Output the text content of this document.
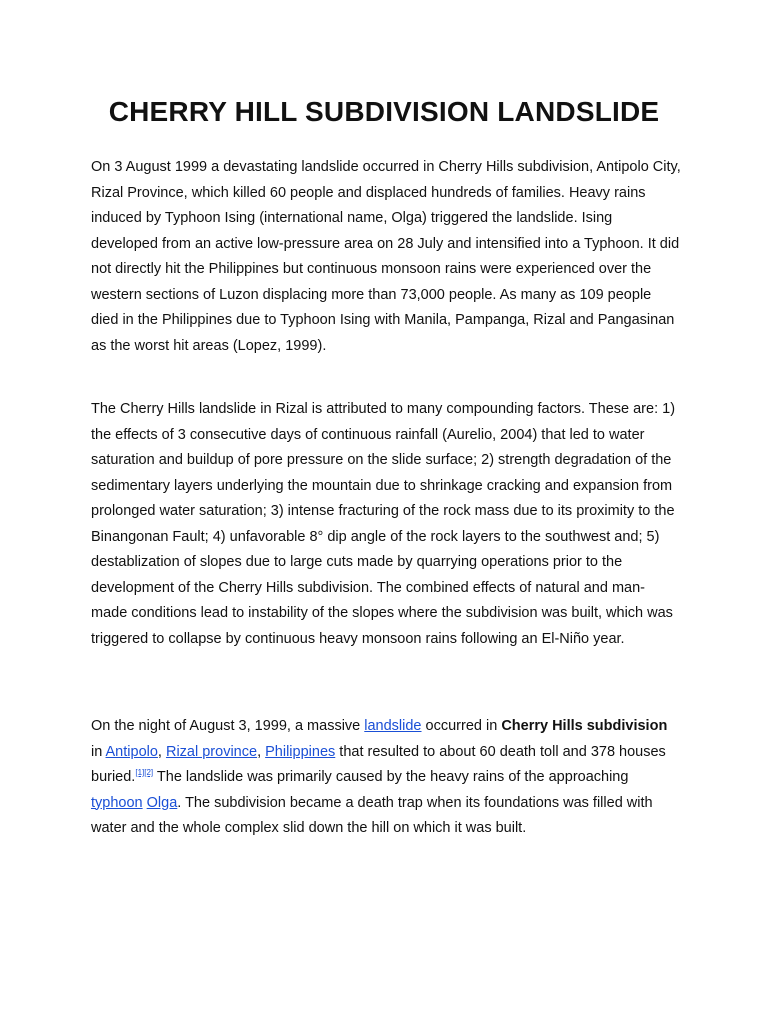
CHERRY HILL SUBDIVISION LANDSLIDE

On 3 August 1999 a devastating landslide occurred in Cherry Hills subdivision, Antipolo City, Rizal Province, which killed 60 people and displaced hundreds of families. Heavy rains induced by Typhoon Ising (international name, Olga) triggered the landslide. Ising developed from an active low-pressure area on 28 July and intensified into a Typhoon. It did not directly hit the Philippines but continuous monsoon rains were experienced over the western sections of Luzon displacing more than 73,000 people. As many as 109 people died in the Philippines due to Typhoon Ising with Manila, Pampanga, Rizal and Pangasinan as the worst hit areas (Lopez, 1999).

The Cherry Hills landslide in Rizal is attributed to many compounding factors. These are: 1) the effects of 3 consecutive days of continuous rainfall (Aurelio, 2004) that led to water saturation and buildup of pore pressure on the slide surface; 2) strength degradation of the sedimentary layers underlying the mountain due to shrinkage cracking and expansion from prolonged water saturation; 3) intense fracturing of the rock mass due to its proximity to the Binangonan Fault; 4) unfavorable 8° dip angle of the rock layers to the southwest and; 5) destablization of slopes due to large cuts made by quarrying operations prior to the development of the Cherry Hills subdivision. The combined effects of natural and man-made conditions lead to instability of the slopes where the subdivision was built, which was triggered to collapse by continuous heavy monsoon rains following an El-Niño year.

On the night of August 3, 1999, a massive landslide occurred in Cherry Hills subdivision in Antipolo, Rizal province, Philippines that resulted to about 60 death toll and 378 houses buried.[1][2] The landslide was primarily caused by the heavy rains of the approaching typhoon Olga. The subdivision became a death trap when its foundations was filled with water and the whole complex slid down the hill on which it was built.
